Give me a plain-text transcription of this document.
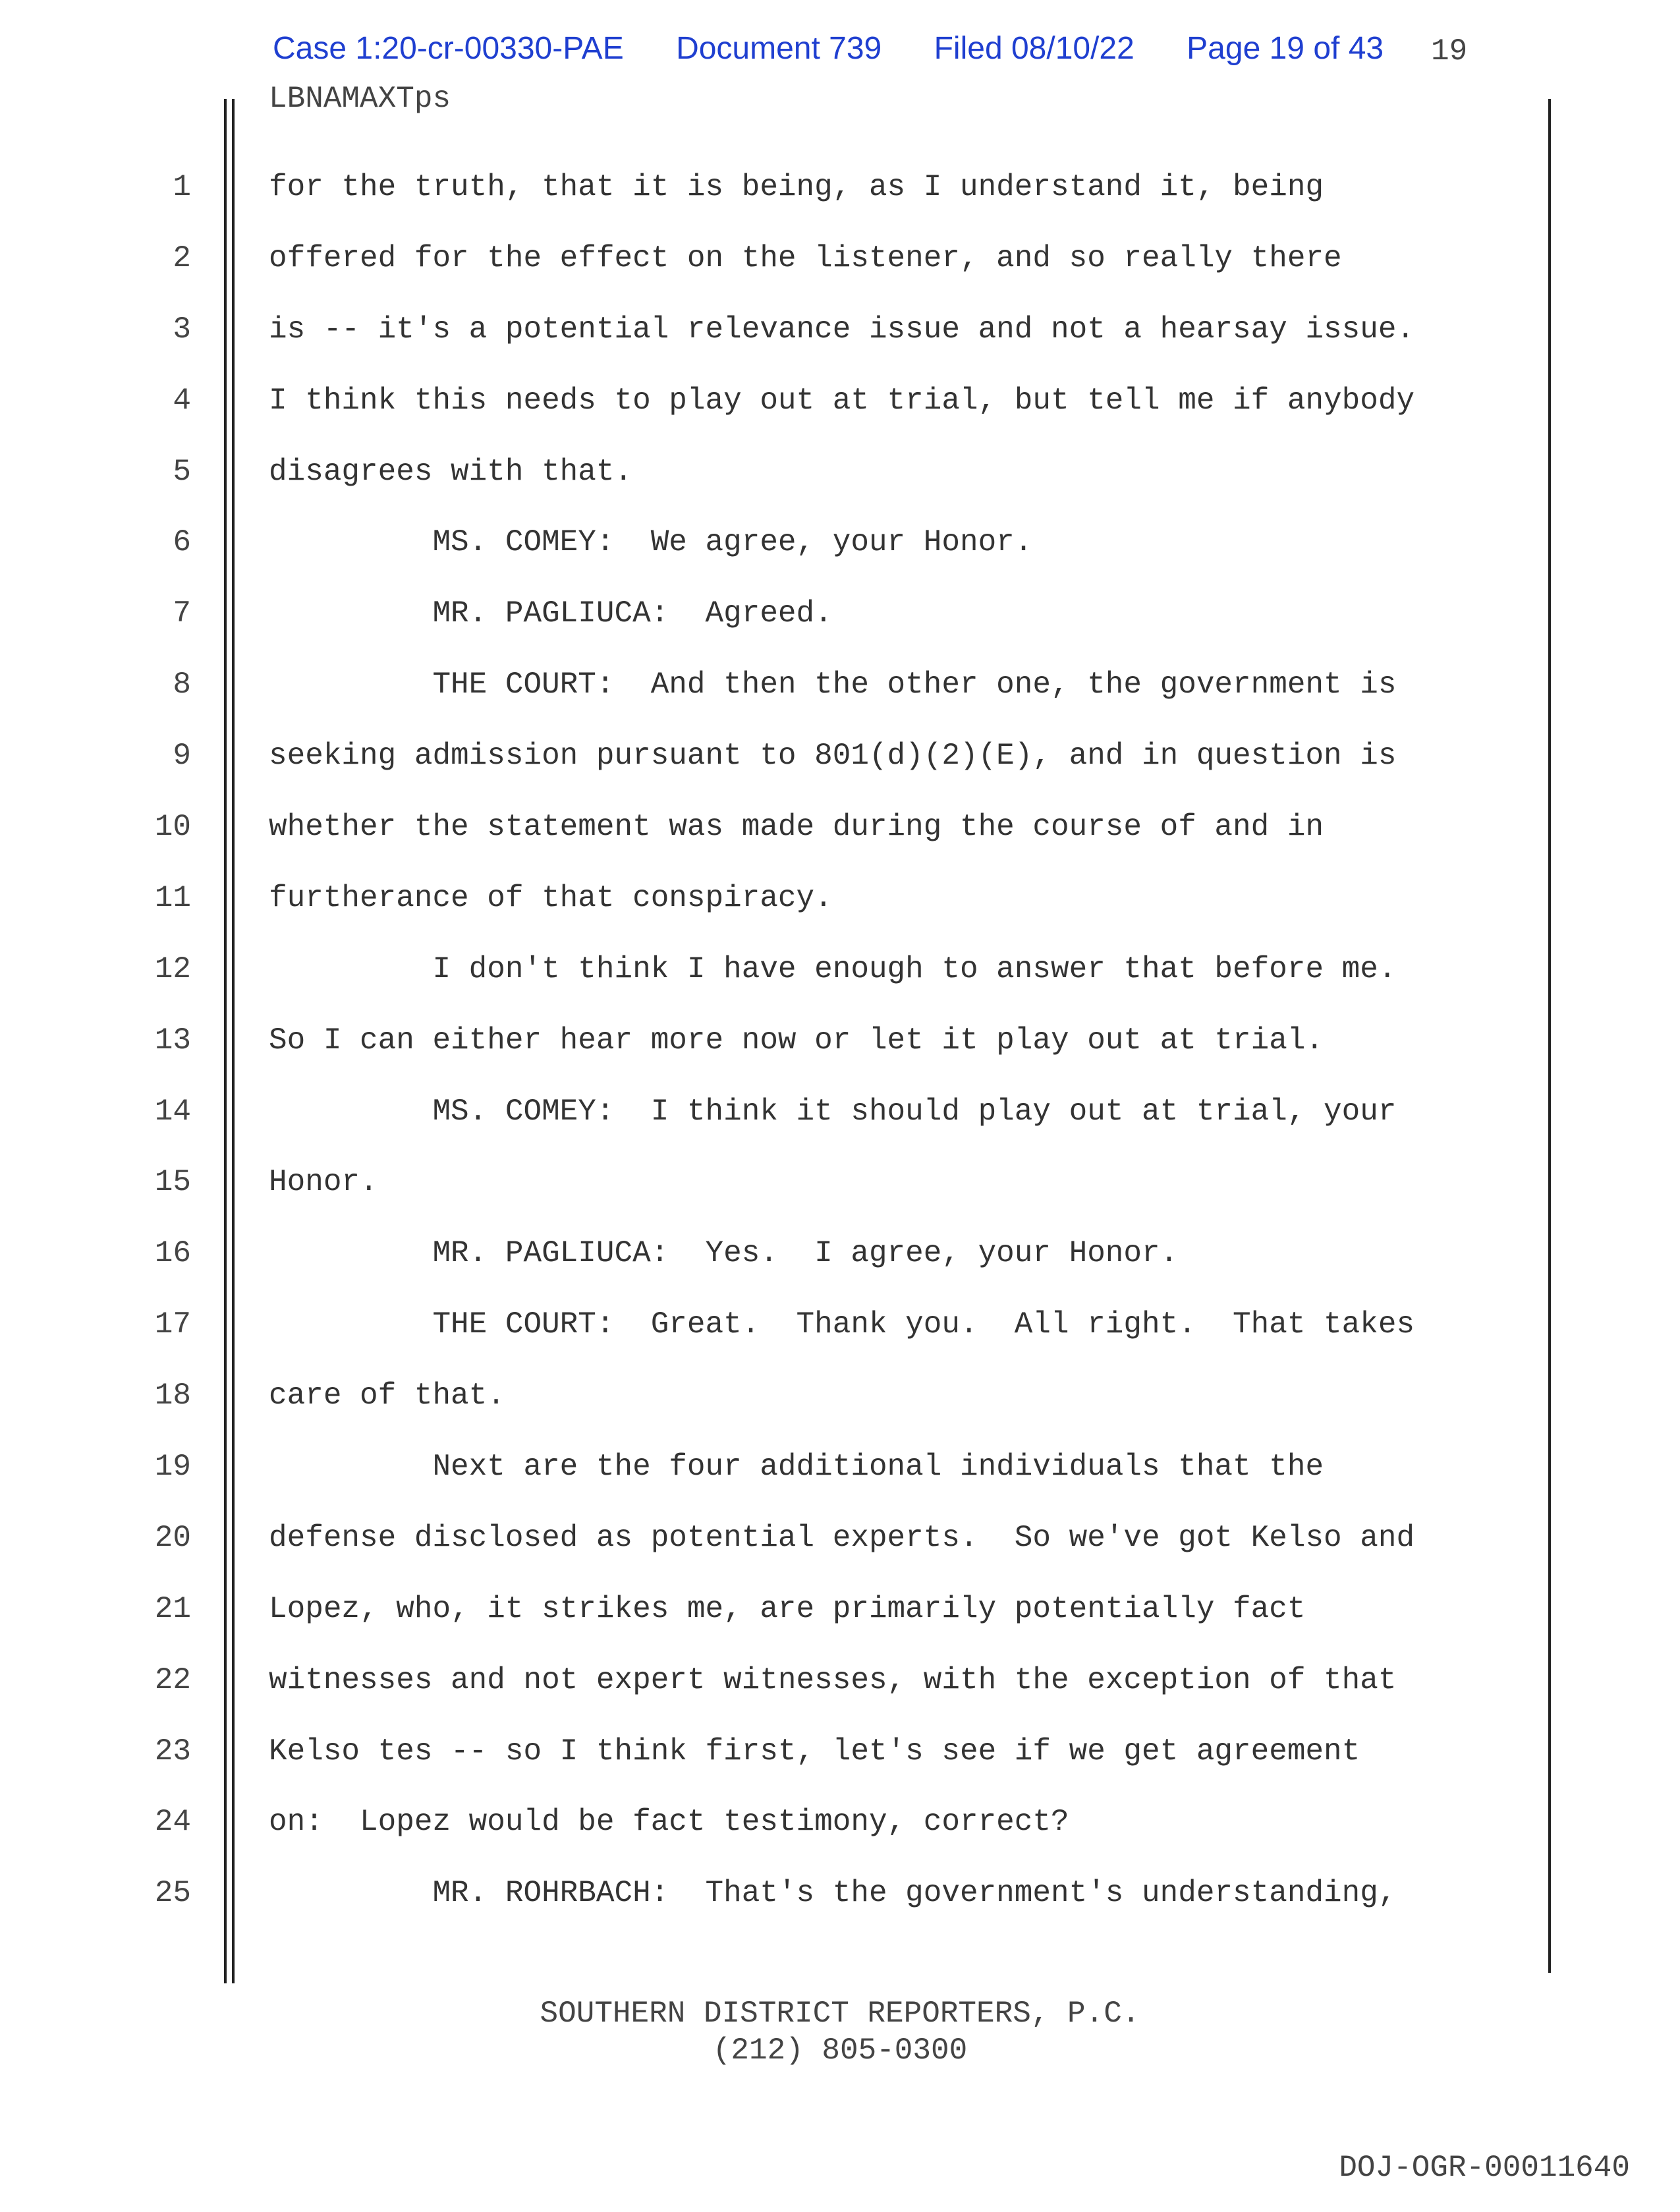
Case 1:20-cr-00330-PAE Document 739 Filed 08/10/22 Page 19 of 43 19
LBNAMAXTps
1
2
3
4
5
6
7
8
9
10
11
12
13
14
15
16
17
18
19
20
21
22
23
24
25
for the truth, that it is being, as I understand it, being
offered for the effect on the listener, and so really there
is -- it's a potential relevance issue and not a hearsay issue.
I think this needs to play out at trial, but tell me if anybody
disagrees with that.
MS. COMEY:  We agree, your Honor.
MR. PAGLIUCA:  Agreed.
THE COURT:  And then the other one, the government is
seeking admission pursuant to 801(d)(2)(E), and in question is
whether the statement was made during the course of and in
furtherance of that conspiracy.
I don't think I have enough to answer that before me.
So I can either hear more now or let it play out at trial.
MS. COMEY:  I think it should play out at trial, your
Honor.
MR. PAGLIUCA:  Yes.  I agree, your Honor.
THE COURT:  Great.  Thank you.  All right.  That takes
care of that.
Next are the four additional individuals that the
defense disclosed as potential experts.  So we've got Kelso and
Lopez, who, it strikes me, are primarily potentially fact
witnesses and not expert witnesses, with the exception of that
Kelso tes -- so I think first, let's see if we get agreement
on:  Lopez would be fact testimony, correct?
MR. ROHRBACH:  That's the government's understanding,
SOUTHERN DISTRICT REPORTERS, P.C.
(212) 805-0300
DOJ-OGR-00011640
